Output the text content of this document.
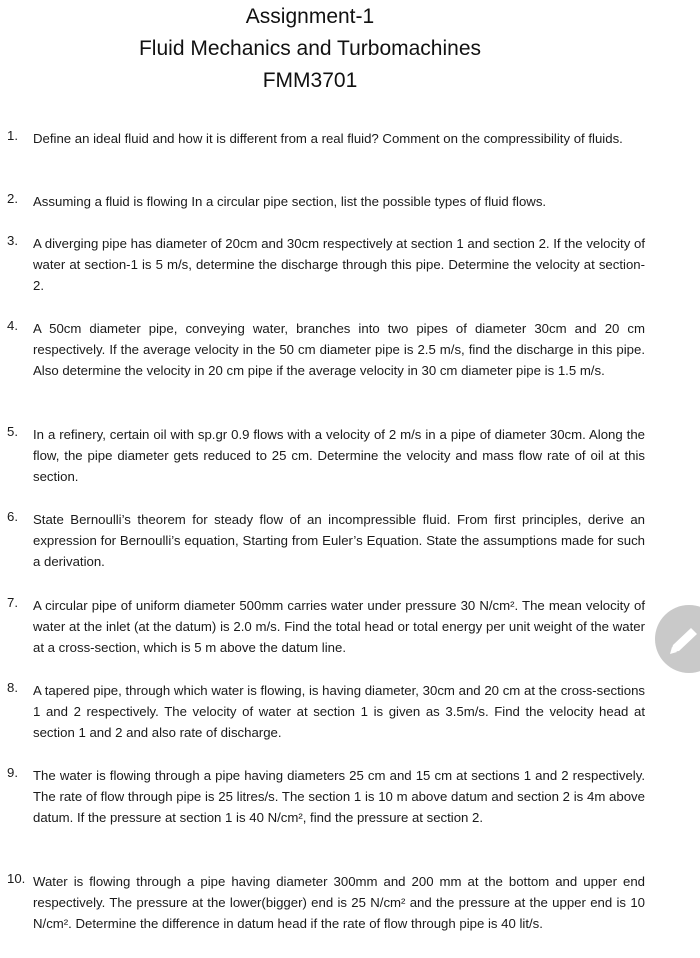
Assignment-1
Fluid Mechanics and Turbomachines
FMM3701
1. Define an ideal fluid and how it is different from a real fluid? Comment on the compressibility of fluids.
2. Assuming a fluid is flowing In a circular pipe section, list the possible types of fluid flows.
3. A diverging pipe has diameter of 20cm and 30cm respectively at section 1 and section 2. If the velocity of water at section-1 is 5 m/s, determine the discharge through this pipe. Determine the velocity at section-2.
4. A 50cm diameter pipe, conveying water, branches into two pipes of diameter 30cm and 20 cm respectively. If the average velocity in the 50 cm diameter pipe is 2.5 m/s, find the discharge in this pipe. Also determine the velocity in 20 cm pipe if the average velocity in 30 cm diameter pipe is 1.5 m/s.
5. In a refinery, certain oil with sp.gr 0.9 flows with a velocity of 2 m/s in a pipe of diameter 30cm. Along the flow, the pipe diameter gets reduced to 25 cm. Determine the velocity and mass flow rate of oil at this section.
6. State Bernoulli’s theorem for steady flow of an incompressible fluid. From first principles, derive an expression for Bernoulli’s equation, Starting from Euler’s Equation. State the assumptions made for such a derivation.
7. A circular pipe of uniform diameter 500mm carries water under pressure 30 N/cm². The mean velocity of water at the inlet (at the datum) is 2.0 m/s. Find the total head or total energy per unit weight of the water at a cross-section, which is 5 m above the datum line.
8. A tapered pipe, through which water is flowing, is having diameter, 30cm and 20 cm at the cross-sections 1 and 2 respectively. The velocity of water at section 1 is given as 3.5m/s. Find the velocity head at section 1 and 2 and also rate of discharge.
9. The water is flowing through a pipe having diameters 25 cm and 15 cm at sections 1 and 2 respectively. The rate of flow through pipe is 25 litres/s. The section 1 is 10 m above datum and section 2 is 4m above datum. If the pressure at section 1 is 40 N/cm², find the pressure at section 2.
10. Water is flowing through a pipe having diameter 300mm and 200 mm at the bottom and upper end respectively. The pressure at the lower(bigger) end is 25 N/cm² and the pressure at the upper end is 10 N/cm². Determine the difference in datum head if the rate of flow through pipe is 40 lit/s.
